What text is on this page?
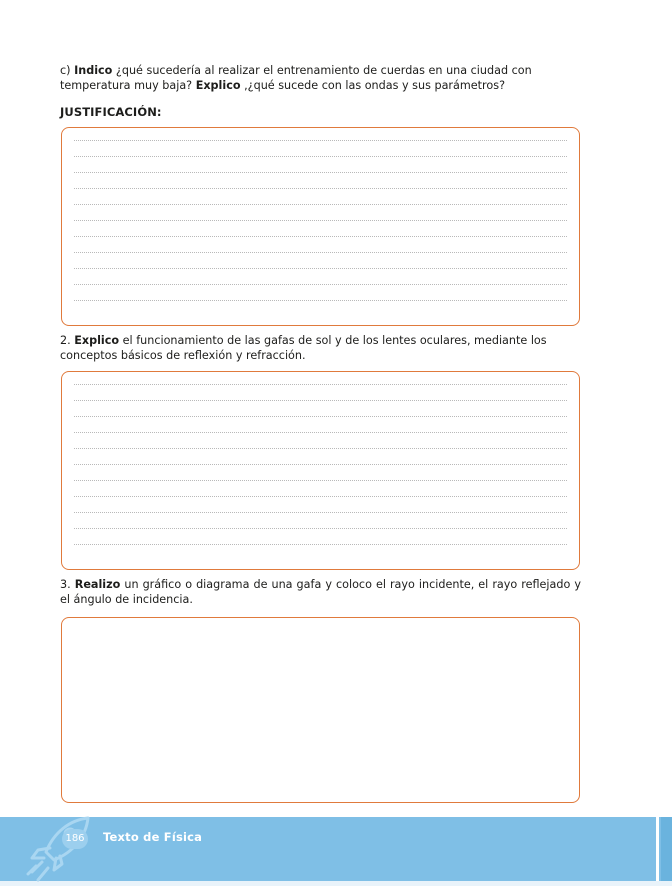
c) Indico ¿qué sucedería al realizar el entrenamiento de cuerdas en una ciudad con temperatura muy baja? Explico ,¿qué sucede con las ondas y sus parámetros?

JUSTIFICACIÓN:

2. Explico el funcionamiento de las gafas de sol y de los lentes oculares, mediante los conceptos básicos de reflexión y refracción.

3. Realizo un gráfico o diagrama de una gafa y coloco el rayo incidente, el rayo reflejado y el ángulo de incidencia.

186	Texto de Física
